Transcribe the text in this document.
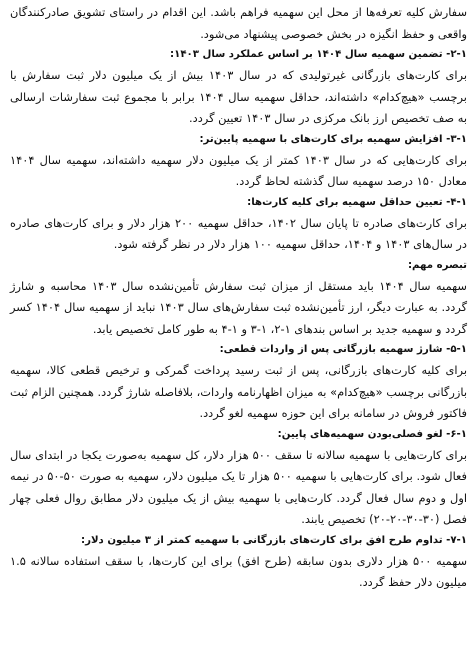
سفارش کلیه تعرفه‌ها از محل این سهمیه فراهم باشد. این اقدام در راستای تشویق صادرکنندگان واقعی و حفظ انگیزه در بخش خصوصی پیشنهاد می‌شود.
۲-۱- تضمین سهمیه سال ۱۴۰۴ بر اساس عملکرد سال ۱۴۰۳:
برای کارت‌های بازرگانی غیرتولیدی که در سال ۱۴۰۳ بیش از یک میلیون دلار ثبت سفارش با برچسب «هیچ‌کدام» داشته‌اند، حداقل سهمیه سال ۱۴۰۴ برابر با مجموع ثبت سفارشات ارسالی به صف تخصیص ارز بانک مرکزی در سال ۱۴۰۳ تعیین گردد.
۳-۱- افزایش سهمیه برای کارت‌های با سهمیه پایین‌تر:
برای کارت‌هایی که در سال ۱۴۰۳ کمتر از یک میلیون دلار سهمیه داشته‌اند، سهمیه سال ۱۴۰۴ معادل ۱۵۰ درصد سهمیه سال گذشته لحاظ گردد.
۴-۱- تعیین حداقل سهمیه برای کلیه کارت‌ها:
برای کارت‌های صادره تا پایان سال ۱۴۰۲، حداقل سهمیه ۲۰۰ هزار دلار و برای کارت‌های صادره در سال‌های ۱۴۰۳ و ۱۴۰۴، حداقل سهمیه ۱۰۰ هزار دلار در نظر گرفته شود.
تبصره مهم:
سهمیه سال ۱۴۰۴ باید مستقل از میزان ثبت سفارش تأمین‌نشده سال ۱۴۰۳ محاسبه و شارژ گردد. به عبارت دیگر، ارز تأمین‌نشده ثبت سفارش‌های سال ۱۴۰۳ نباید از سهمیه سال ۱۴۰۴ کسر گردد و سهمیه جدید بر اساس بندهای ۱-۲، ۱-۳ و ۱-۴ به طور کامل تخصیص یابد.
۵-۱- شارژ سهمیه بازرگانی پس از واردات قطعی:
برای کلیه کارت‌های بازرگانی، پس از ثبت رسید پرداخت گمرکی و ترخیص قطعی کالا، سهمیه بازرگانی برچسب «هیچ‌کدام» به میزان اظهارنامه واردات، بلافاصله شارژ گردد. همچنین الزام ثبت فاکتور فروش در سامانه برای این حوزه سهمیه لغو گردد.
۶-۱- لغو فصلی‌بودن سهمیه‌های پایین:
برای کارت‌هایی با سهمیه سالانه تا سقف ۵۰۰ هزار دلار، کل سهمیه به‌صورت یکجا در ابتدای سال فعال شود. برای کارت‌هایی با سهمیه ۵۰۰ هزار تا یک میلیون دلار، سهمیه به صورت ۵۰-۵۰ در نیمه اول و دوم سال فعال گردد. کارت‌هایی با سهمیه بیش از یک میلیون دلار مطابق روال فعلی چهار فصل (۳۰-۳۰-۲۰-۲۰) تخصیص یابند.
۷-۱- تداوم طرح افق برای کارت‌های بازرگانی با سهمیه کمتر از ۳ میلیون دلار:
سهمیه ۵۰۰ هزار دلاری بدون سابقه (طرح افق) برای این کارت‌ها، با سقف استفاده سالانه ۱.۵ میلیون دلار حفظ گردد.
